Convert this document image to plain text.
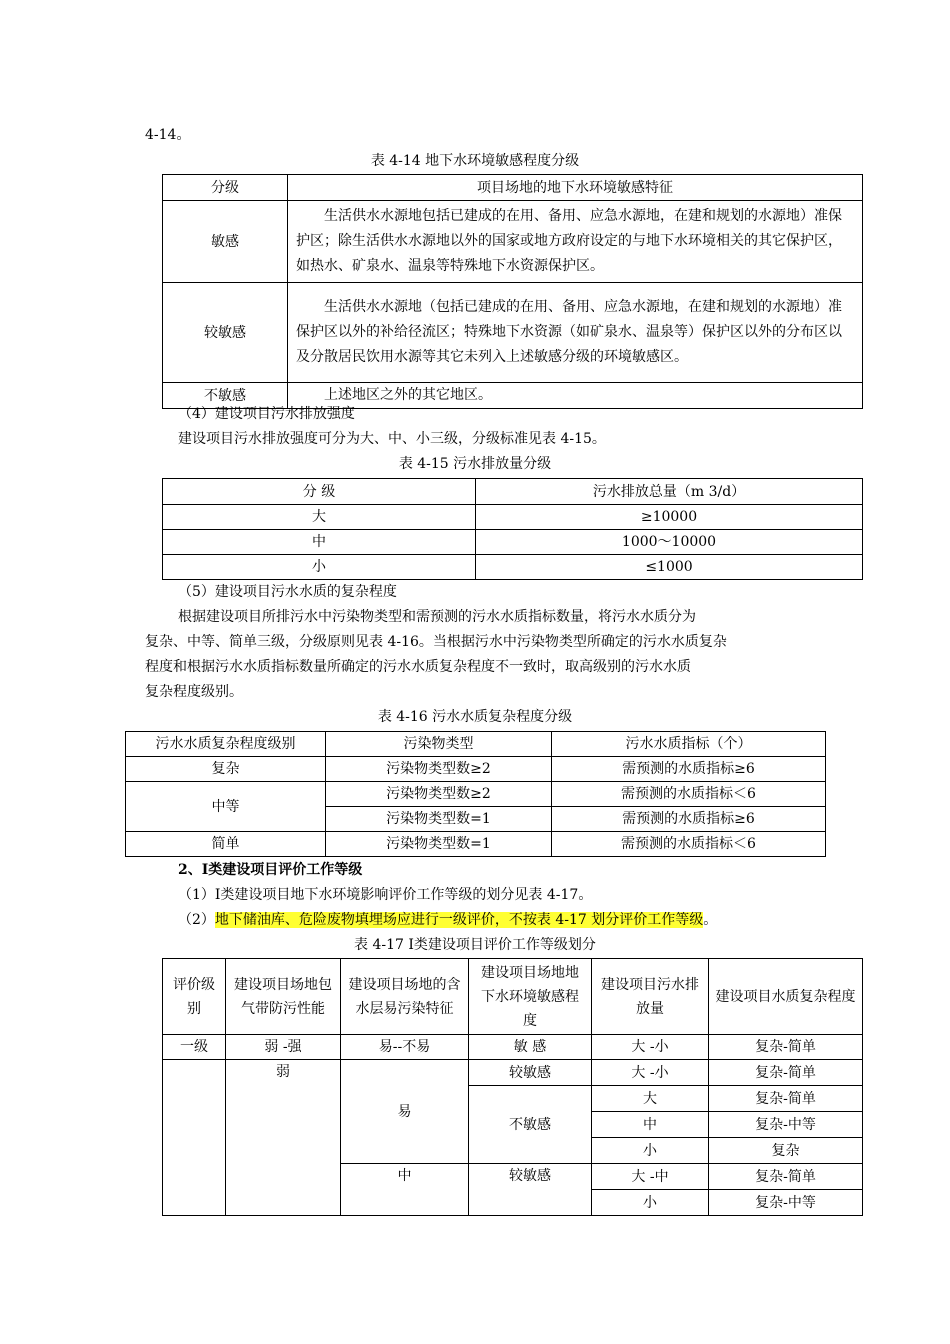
4-14。
表 4-14 地下水环境敏感程度分级
分级	项目场地的地下水环境敏感特征
敏感	生活供水水源地包括已建成的在用、备用、应急水源地，在建和规划的水源地）准保护区；除生活供水水源地以外的国家或地方政府设定的与地下水环境相关的其它保护区，如热水、矿泉水、温泉等特殊地下水资源保护区。
较敏感	生活供水水源地（包括已建成的在用、备用、应急水源地，在建和规划的水源地）准保护区以外的补给径流区；特殊地下水资源（如矿泉水、温泉等）保护区以外的分布区以及分散居民饮用水源等其它未列入上述敏感分级的环境敏感区。
不敏感	上述地区之外的其它地区。
（4）建设项目污水排放强度
建设项目污水排放强度可分为大、中、小三级，分级标准见表 4-15。
表 4-15 污水排放量分级
分 级	污水排放总量（m 3/d）
大	≥10000
中	1000～10000
小	≤1000
（5）建设项目污水水质的复杂程度
根据建设项目所排污水中污染物类型和需预测的污水水质指标数量，将污水水质分为
复杂、中等、简单三级，分级原则见表 4-16。当根据污水中污染物类型所确定的污水水质复杂
程度和根据污水水质指标数量所确定的污水水质复杂程度不一致时，取高级别的污水水质
复杂程度级别。
表 4-16 污水水质复杂程度分级
污水水质复杂程度级别	污染物类型	污水水质指标（个）
复杂	污染物类型数≥2	需预测的水质指标≥6
中等	污染物类型数≥2	需预测的水质指标＜6
	污染物类型数=1	需预测的水质指标≥6
简单	污染物类型数=1	需预测的水质指标＜6
2、Ⅰ类建设项目评价工作等级
（1）Ⅰ类建设项目地下水环境影响评价工作等级的划分见表 4-17。
（2）地下储油库、危险废物填埋场应进行一级评价，不按表 4-17 划分评价工作等级。
表 4-17 Ⅰ类建设项目评价工作等级划分
评价级别	建设项目场地包气带防污性能	建设项目场地的含水层易污染特征	建设项目场地地下水环境敏感程度	建设项目污水排放量	建设项目水质复杂程度
一级	弱 -强	易--不易	敏 感	大 -小	复杂-简单
	弱	易	较敏感	大 -小	复杂-简单
			不敏感	大	复杂-简单
				中	复杂-中等
				小	复杂
		中	较敏感	大 -中	复杂-简单
				小	复杂-中等
